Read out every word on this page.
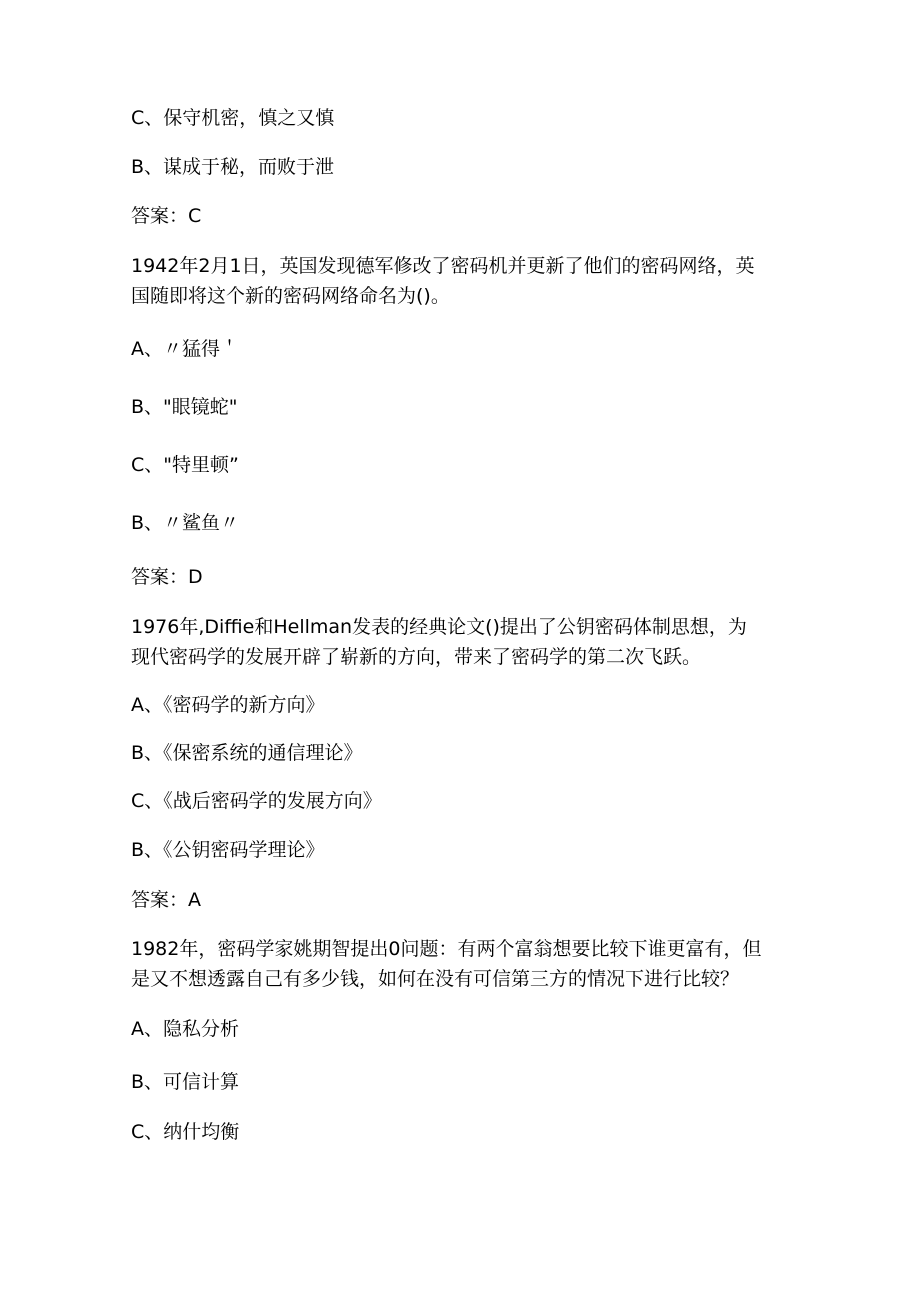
C、保守机密，慎之又慎

B、谋成于秘，而败于泄

答案：C

1942年2月1日，英国发现德军修改了密码机并更新了他们的密码网络，英
国随即将这个新的密码网络命名为()。

A、〃猛得＇

B、"眼镜蛇"

C、"特里顿”

B、〃鲨鱼〃

答案：D

1976年,Diffie和Hellman发表的经典论文()提出了公钥密码体制思想，为
现代密码学的发展开辟了崭新的方向，带来了密码学的第二次飞跃。

A、《密码学的新方向》

B、《保密系统的通信理论》

C、《战后密码学的发展方向》

B、《公钥密码学理论》

答案：A

1982年，密码学家姚期智提出0问题：有两个富翁想要比较下谁更富有，但
是又不想透露自己有多少钱，如何在没有可信第三方的情况下进行比较？

A、隐私分析

B、可信计算

C、纳什均衡
